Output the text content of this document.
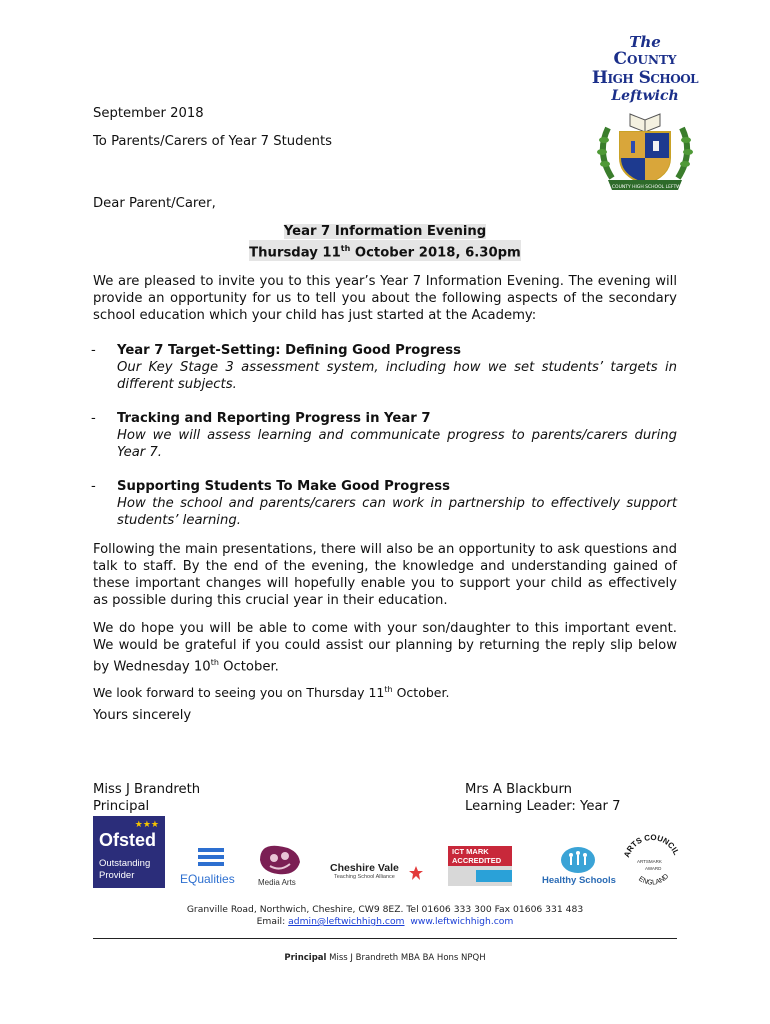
The
County
High School
Leftwich
THE COUNTY HIGH SCHOOL LEFTWICH
September 2018
To Parents/Carers of Year 7 Students
Dear Parent/Carer,
Year 7 Information Evening
Thursday 11th October 2018, 6.30pm
We are pleased to invite you to this year’s Year 7 Information Evening. The evening will provide an opportunity for us to tell you about the following aspects of the secondary school education which your child has just started at the Academy:
- Year 7 Target-Setting: Defining Good Progress
Our Key Stage 3 assessment system, including how we set students’ targets in different subjects.
- Tracking and Reporting Progress in Year 7
How we will assess learning and communicate progress to parents/carers during Year 7.
- Supporting Students To Make Good Progress
How the school and parents/carers can work in partnership to effectively support students’ learning.
Following the main presentations, there will also be an opportunity to ask questions and talk to staff. By the end of the evening, the knowledge and understanding gained of these important changes will hopefully enable you to support your child as effectively as possible during this crucial year in their education.
We do hope you will be able to come with your son/daughter to this important event. We would be grateful if you could assist our planning by returning the reply slip below by Wednesday 10th October.
We look forward to seeing you on Thursday 11th October.
Yours sincerely
Miss J Brandreth
Principal
Mrs A Blackburn
Learning Leader: Year 7
★★★
Ofsted
Outstanding
Provider	EQualities	Media Arts
Cheshire Vale
Teaching School Alliance
ICT MARK
ACCREDITED
Healthy Schools
ARTS COUNCIL
ENGLAND
ARTSMARK
AWARD
Granville Road, Northwich, Cheshire, CW9 8EZ. Tel 01606 333 300 Fax 01606 331 483
Email: admin@leftwichhigh.com www.leftwichhigh.com
Principal Miss J Brandreth MBA BA Hons NPQH
